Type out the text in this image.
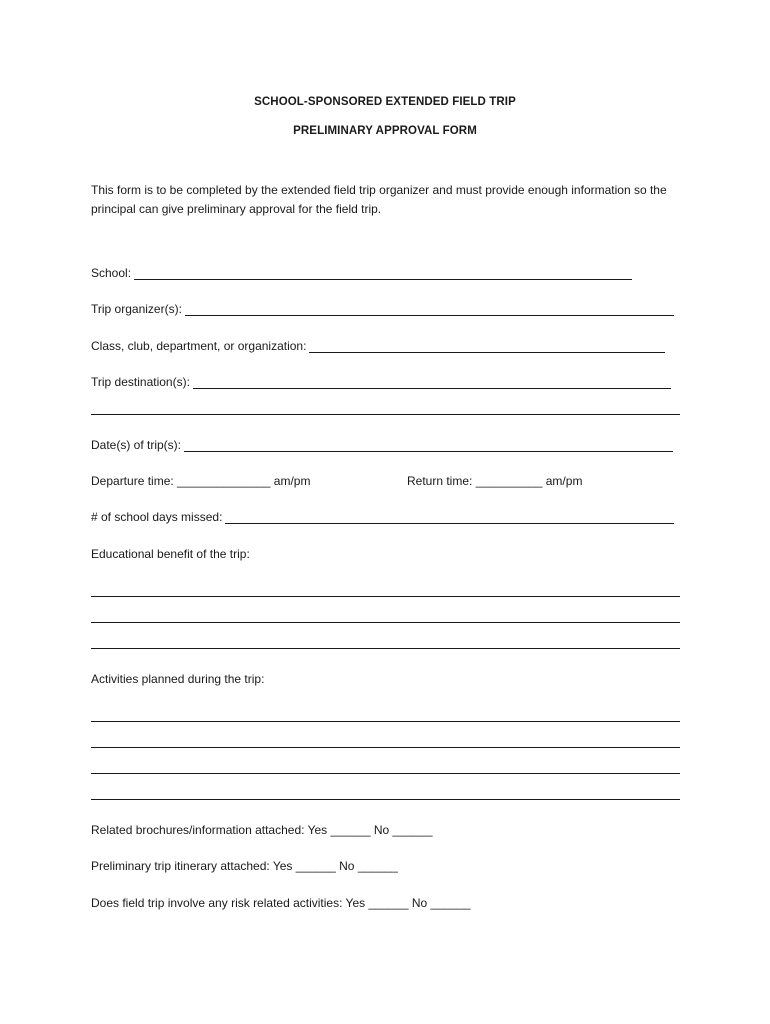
SCHOOL-SPONSORED EXTENDED FIELD TRIP
PRELIMINARY APPROVAL FORM
This form is to be completed by the extended field trip organizer and must provide enough information so the principal can give preliminary approval for the field trip.
School:
Trip organizer(s):
Class, club, department, or organization:
Trip destination(s):
Date(s) of trip(s):
Departure time: ______________ am/pm	Return time: __________ am/pm
# of school days missed:
Educational benefit of the trip:
Activities planned during the trip:
Related brochures/information attached: Yes ______ No ______
Preliminary trip itinerary attached: Yes ______ No ______
Does field trip involve any risk related activities: Yes ______ No ______
